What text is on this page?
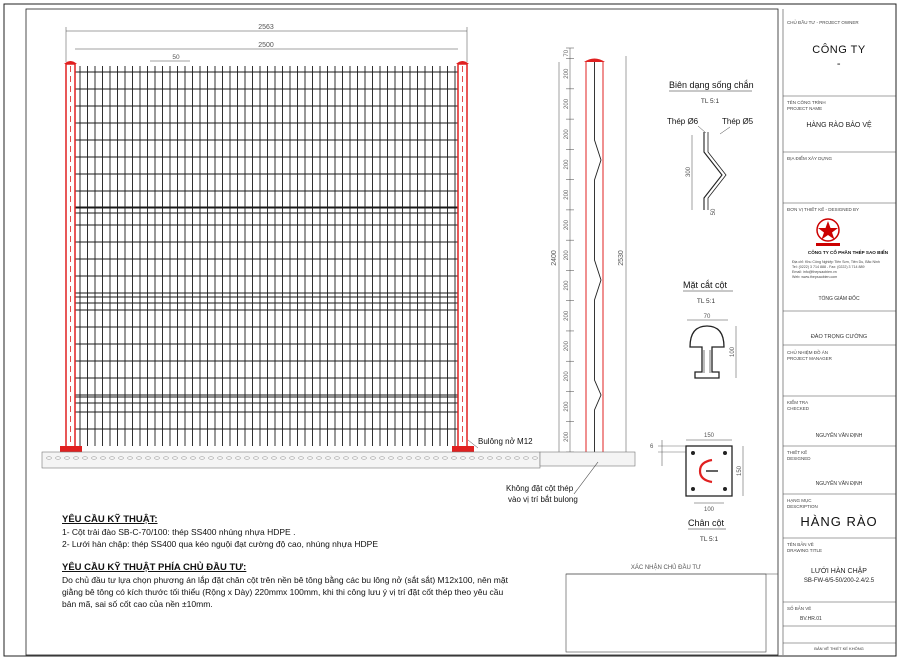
2563
2500
50
Bulông nở M12
70
200
200
200
200
200
200
200
200
200
200
200
200
200
2400	2530
Không đặt cột thép
vào vị trí bắt bulong
Biên dạng sống chắn
TL 5:1
Thép Ø6	Thép Ø5
300
50
Mặt cắt cột
TL 5:1
70
100
150
150
100
6
Chân cột
TL 5:1
XÁC NHẬN CHỦ ĐẦU TƯ
YÊU CẦU KỸ THUẬT:
1- Cột trải đào SB-C-70/100: thép SS400 nhúng nhựa HDPE .
2- Lưới hàn chập: thép SS400 qua kéo nguội đạt cường độ cao, nhúng nhựa HDPE
YÊU CẦU KỸ THUẬT PHÍA CHỦ ĐẦU TƯ:
Do chủ đầu tư lựa chọn phương án lắp đặt chân cột trên nền bê tông bằng các bu lông nở (sắt sắt) M12x100, nên mặt
giằng bê tông có kích thước tối thiểu (Rộng x Dày) 220mmx 100mm, khi thi công lưu ý vị trí đặt cốt thép theo yêu cầu
bản mã, sai số cốt cao của nền ±10mm.
CHỦ ĐẦU TƯ - PROJECT OWNER
CÔNG TY
-
TÊN CÔNG TRÌNH
PROJECT NAME
HÀNG RÀO BẢO VỆ
ĐỊA ĐIỂM XÂY DỰNG
ĐƠN VỊ THIẾT KẾ - DESIGNED BY
CÔNG TY CỔ PHẦN THÉP SAO BIỂN
Địa chỉ: Khu Công Nghiệp Tiên Sơn, Tiên Du, Bắc Ninh
Tel: (0222) 3 714 888 - Fax: (0222) 3 714 889
Email: info@thepsaobien.vn
Web: www.thepsaobien.com
TỔNG GIÁM ĐỐC
ĐÀO TRỌNG CƯỜNG
CHỦ NHIỆM ĐỒ ÁN
PROJECT MANAGER
KIỂM TRA
CHECKED
NGUYỄN VĂN ĐỊNH
THIẾT KẾ
DESIGNED
NGUYỄN VĂN ĐỊNH
HẠNG MỤC
DESCRIPTION
HÀNG RÀO
TÊN BẢN VẼ
DRAWING TITLE
LƯỚI HÀN CHẬP
SB-FW-6/5-50/200-2.4/2.5
SỐ BẢN VẼ
BV.HR.01
BẢN VẼ THIẾT KẾ KHÔNG
